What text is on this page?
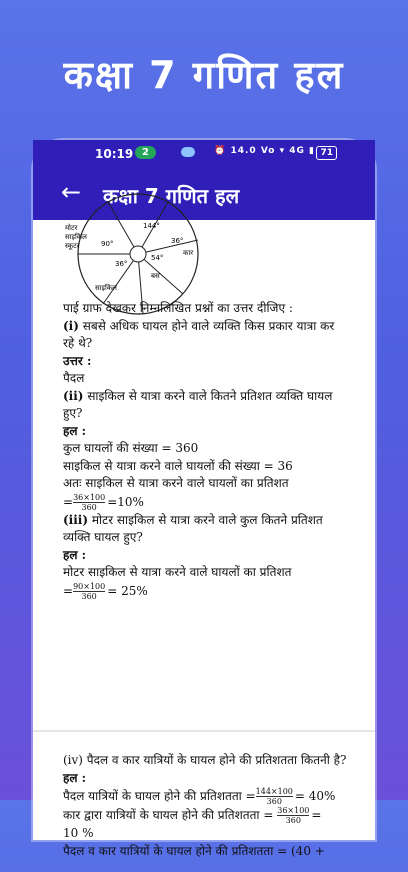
कक्षा 7 गणित हल
10:19 2	⏰ 14.0 Vo ▾ 4G ▮ 71
← कक्षा 7 गणित हल
मोटर
साइकिल
स्कूटर	90°
144°
36°
कार
54°
36°
बस
साइकिल
पाई ग्राफ देखकर निम्नलिखित प्रश्नों का उत्तर दीजिए :
(i) सबसे अधिक घायल होने वाले व्यक्ति किस प्रकार यात्रा कर रहे थे?
उत्तर :
पैदल
(ii) साइकिल से यात्रा करने वाले कितने प्रतिशत व्यक्ति घायल हुए?
हल :
कुल घायलों की संख्या = 360
साइकिल से यात्रा करने वाले घायलों की संख्या = 36
अतः साइकिल से यात्रा करने वाले घायलों का प्रतिशत
= $\frac{36\times 100}{360} =10\%$
(iii) मोटर साइकिल से यात्रा करने वाले कुल कितने प्रतिशत व्यक्ति घायल हुए?
हल :
मोटर साइकिल से यात्रा करने वाले घायलों का प्रतिशत
= $\frac{90\times 100}{360} = 25\%$
(iv) पैदल व कार यात्रियों के घायल होने की प्रतिशतता कितनी है?
हल :
पैदल यात्रियों के घायल होने की प्रतिशतता = $\frac{144\times 100}{360} = 40\%$
कार द्वारा यात्रियों के घायल होने की प्रतिशतता = $\frac{36\times 100}{360}$ =
10 %
पैदल व कार यात्रियों के घायल होने की प्रतिशतता = (40 +
